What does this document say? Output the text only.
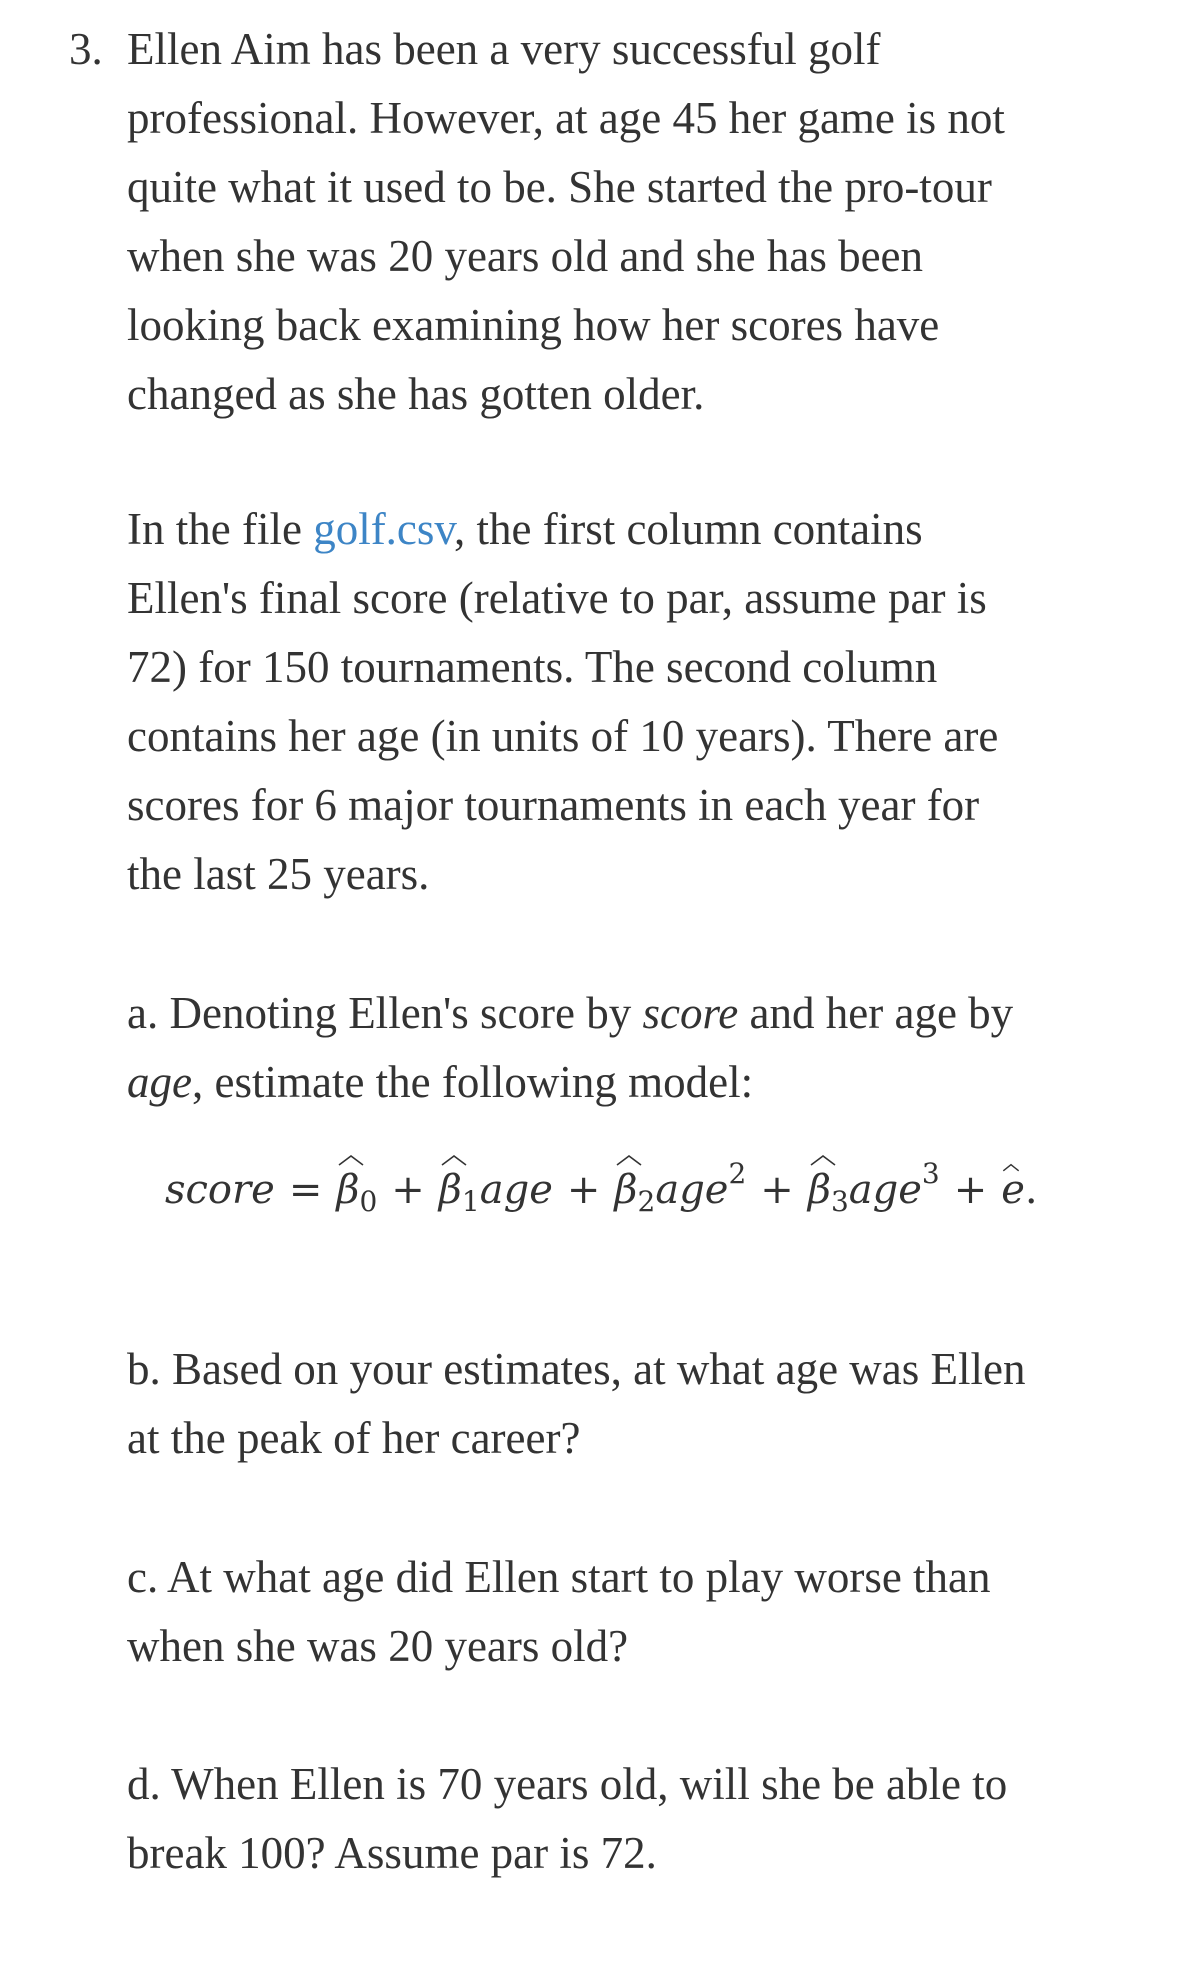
3. Ellen Aim has been a very successful golf
professional. However, at age 45 her game is not
quite what it used to be. She started the pro-tour
when she was 20 years old and she has been
looking back examining how her scores have
changed as she has gotten older.
In the file golf.csv, the first column contains
Ellen's final score (relative to par, assume par is
72) for 150 tournaments. The second column
contains her age (in units of 10 years). There are
scores for 6 major tournaments in each year for
the last 25 years.
a. Denoting Ellen's score by score and her age by
age, estimate the following model:
score = $\beta_0 + \beta_1age + \beta_2age^2 + \beta_3age^3 + e$.
b. Based on your estimates, at what age was Ellen
at the peak of her career?
c. At what age did Ellen start to play worse than
when she was 20 years old?
d. When Ellen is 70 years old, will she be able to
break 100? Assume par is 72.
